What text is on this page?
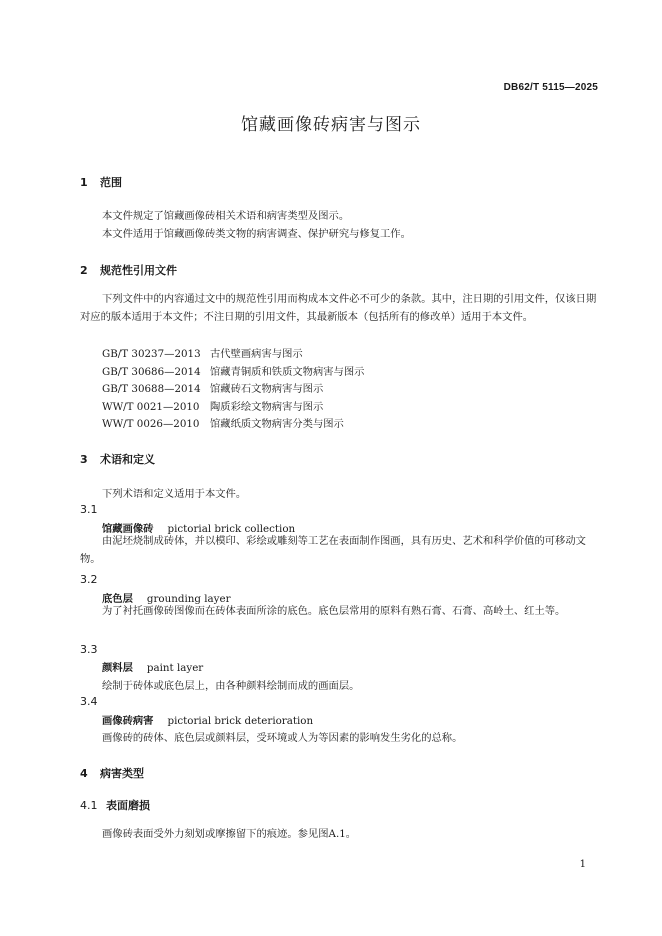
DB62/T 5115—2025
馆藏画像砖病害与图示
1 范围
本文件规定了馆藏画像砖相关术语和病害类型及图示。
本文件适用于馆藏画像砖类文物的病害调查、保护研究与修复工作。
2 规范性引用文件
下列文件中的内容通过文中的规范性引用而构成本文件必不可少的条款。其中，注日期的引用文件，仅该日期对应的版本适用于本文件；不注日期的引用文件，其最新版本（包括所有的修改单）适用于本文件。
GB/T 30237—2013 古代壁画病害与图示
GB/T 30686—2014 馆藏青铜质和铁质文物病害与图示
GB/T 30688—2014 馆藏砖石文物病害与图示
WW/T 0021—2010 陶质彩绘文物病害与图示
WW/T 0026—2010 馆藏纸质文物病害分类与图示
3 术语和定义
下列术语和定义适用于本文件。
3.1
馆藏画像砖 pictorial brick collection
由泥坯烧制成砖体，并以模印、彩绘或雕刻等工艺在表面制作图画，具有历史、艺术和科学价值的可移动文物。
3.2
底色层 grounding layer
为了衬托画像砖图像而在砖体表面所涂的底色。底色层常用的原料有熟石膏、石膏、高岭土、红土等。
3.3
颜料层 paint layer
绘制于砖体或底色层上，由各种颜料绘制而成的画面层。
3.4
画像砖病害 pictorial brick deterioration
画像砖的砖体、底色层或颜料层，受环境或人为等因素的影响发生劣化的总称。
4 病害类型
4.1 表面磨损
画像砖表面受外力刻划或摩擦留下的痕迹。参见图A.1。
1
